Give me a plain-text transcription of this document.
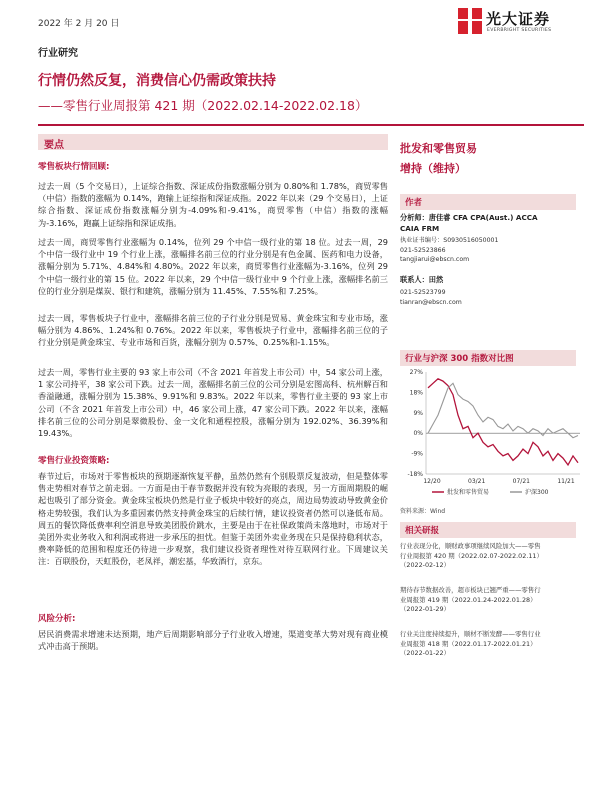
2022 年 2 月 20 日	光大证券
EVERBRIGHT SECURITIES
行业研究
行情仍然反复，消费信心仍需政策扶持
——零售行业周报第 421 期（2022.02.14-2022.02.18）
要点
零售板块行情回顾:
过去一周（5 个交易日），上证综合指数、深证成份指数涨幅分别为 0.80%和 1.78%，商贸零售（中信）指数的涨幅为 0.14%，跑输上证综指和深证成指。2022 年以来（29 个交易日），上证综合指数、深证成份指数涨幅分别为-4.09%和-9.41%，商贸零售（中信）指数的涨幅为-3.16%，跑赢上证综指和深证成指。
过去一周，商贸零售行业涨幅为 0.14%，位列 29 个中信一级行业的第 18 位。过去一周，29 个中信一级行业中 19 个行业上涨，涨幅排名前三位的行业分别是有色金属、医药和电力设备，涨幅分别为 5.71%、4.84%和 4.80%。2022 年以来，商贸零售行业涨幅为-3.16%，位列 29 个中信一级行业的第 15 位。2022 年以来，29 个中信一级行业中 9 个行业上涨，涨幅排名前三位的行业分别是煤炭、银行和建筑，涨幅分别为 11.45%、7.55%和 7.25%。
过去一周，零售板块子行业中，涨幅排名前三位的子行业分别是贸易、黄金珠宝和专业市场，涨幅分别为 4.86%、1.24%和 0.76%。2022 年以来，零售板块子行业中，涨幅排名前三位的子行业分别是黄金珠宝、专业市场和百货，涨幅分别为 0.57%、0.25%和-1.15%。
过去一周，零售行业主要的 93 家上市公司（不含 2021 年首发上市公司）中，54 家公司上涨，1 家公司持平，38 家公司下跌。过去一周，涨幅排名前三位的公司分别是宏图高科、杭州解百和香溢融通，涨幅分别为 15.38%、9.91%和 9.83%。2022 年以来，零售行业主要的 93 家上市公司（不含 2021 年首发上市公司）中，46 家公司上涨，47 家公司下跌。2022 年以来，涨幅排名前三位的公司分别是翠微股份、金一文化和通程控股，涨幅分别为 192.02%、36.39%和 19.43%。
零售行业投资策略:
春节过后，市场对于零售板块的预期逐渐恢复平静，虽然仍然有个别股票反复波动，但是整体零售走势相对春节之前走弱。一方面是由于春节数据并没有较为亮眼的表现，另一方面周期股的崛起也吸引了部分资金。黄金珠宝板块仍然是行业子板块中较好的亮点，周边局势波动导致黄金价格走势较强，我们认为多重因素仍然支持黄金珠宝的后续行情，建议投资者仍然可以逢低布局。周五的餐饮降低费率利空消息导致美团股价跳水，主要是由于在社保政策尚未落地时，市场对于美团外卖业务收入和利润或将进一步承压的担忧。但鉴于美团外卖业务现在只是保持稳利状态，费率降低的范围和程度还仍待进一步观察，我们建议投资者理性对待互联网行业。下周建议关注：百联股份，天虹股份，老凤祥，潮宏基，华致酒行，京东。
风险分析:
居民消费需求增速未达预期，地产后周期影响部分子行业收入增速，渠道变革大势对现有商业模式冲击高于预期。
批发和零售贸易
增持（维持）
作者
分析师：唐佳睿 CFA CPA(Aust.) ACCA
CAIA FRM
执业证书编号：S0930516050001
021-52523866
tangjiarui@ebscn.com
联系人：田然
021-52523799
tianran@ebscn.com
行业与沪深 300 指数对比图
-18%
-9%
0%
9%
18%
27%
12/20	03/21	07/21	11/21
批发和零售贸易	沪深300
资料来源：Wind
相关研报
行业表现分化，顺财政事项继续风险加大——零售
行业周报第 420 期（2022.02.07-2022.02.11）
（2022-02-12）
期待春节数据改善，超市板块已翘严重——零售行
业周报第 419 期（2022.01.24-2022.01.28）
（2022-01-29）
行业关注度持续提升，顺材不断发酵——零售行业
业周报第 418 期（2022.01.17-2022.01.21）
（2022-01-22）
